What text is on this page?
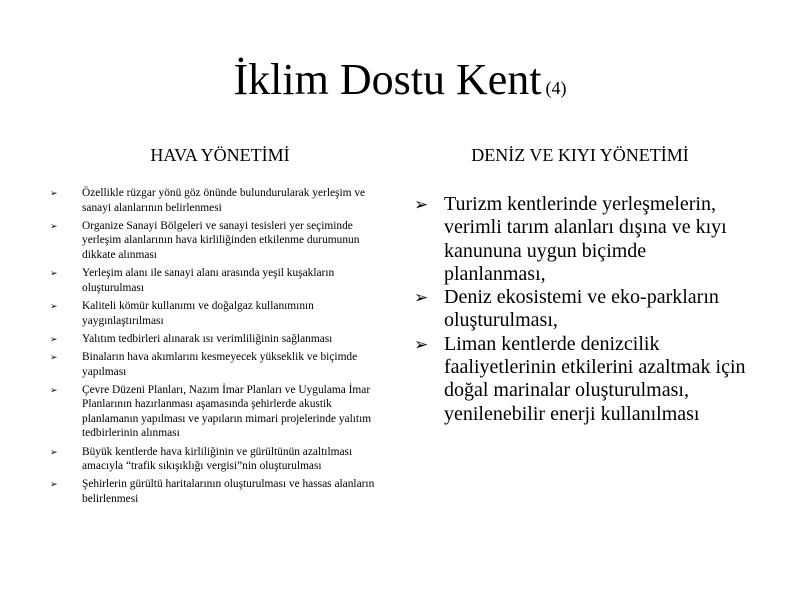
İklim Dostu Kent (4)
HAVA YÖNETİMİ	DENİZ VE KIYI YÖNETİMİ
➢ Özellikle rüzgar yönü göz önünde bulundurularak yerleşim ve sanayi alanlarının belirlenmesi
➢ Organize Sanayi Bölgeleri ve sanayi tesisleri yer seçiminde yerleşim alanlarının hava kirliliğinden etkilenme durumunun dikkate alınması
➢ Yerleşim alanı ile sanayi alanı arasında yeşil kuşakların oluşturulması
➢ Kaliteli kömür kullanımı ve doğalgaz kullanımının yaygınlaştırılması
➢ Yalıtım tedbirleri alınarak ısı verimliliğinin sağlanması
➢ Binaların hava akımlarını kesmeyecek yükseklik ve biçimde yapılması
➢ Çevre Düzeni Planları, Nazım İmar Planları ve Uygulama İmar Planlarının hazırlanması aşamasında şehirlerde akustik planlamanın yapılması ve yapıların mimari projelerinde yalıtım tedbirlerinin alınması
➢ Büyük kentlerde hava kirliliğinin ve gürültünün azaltılması amacıyla “trafik sıkışıklığı vergisi”nin oluşturulması
➢ Şehirlerin gürültü haritalarının oluşturulması ve hassas alanların belirlenmesi
➢ Turizm kentlerinde yerleşmelerin, verimli tarım alanları dışına ve kıyı kanununa uygun biçimde planlanması,
➢ Deniz ekosistemi ve eko-parkların oluşturulması,
➢ Liman kentlerde denizcilik faaliyetlerinin etkilerini azaltmak için doğal marinalar oluşturulması, yenilenebilir enerji kullanılması
